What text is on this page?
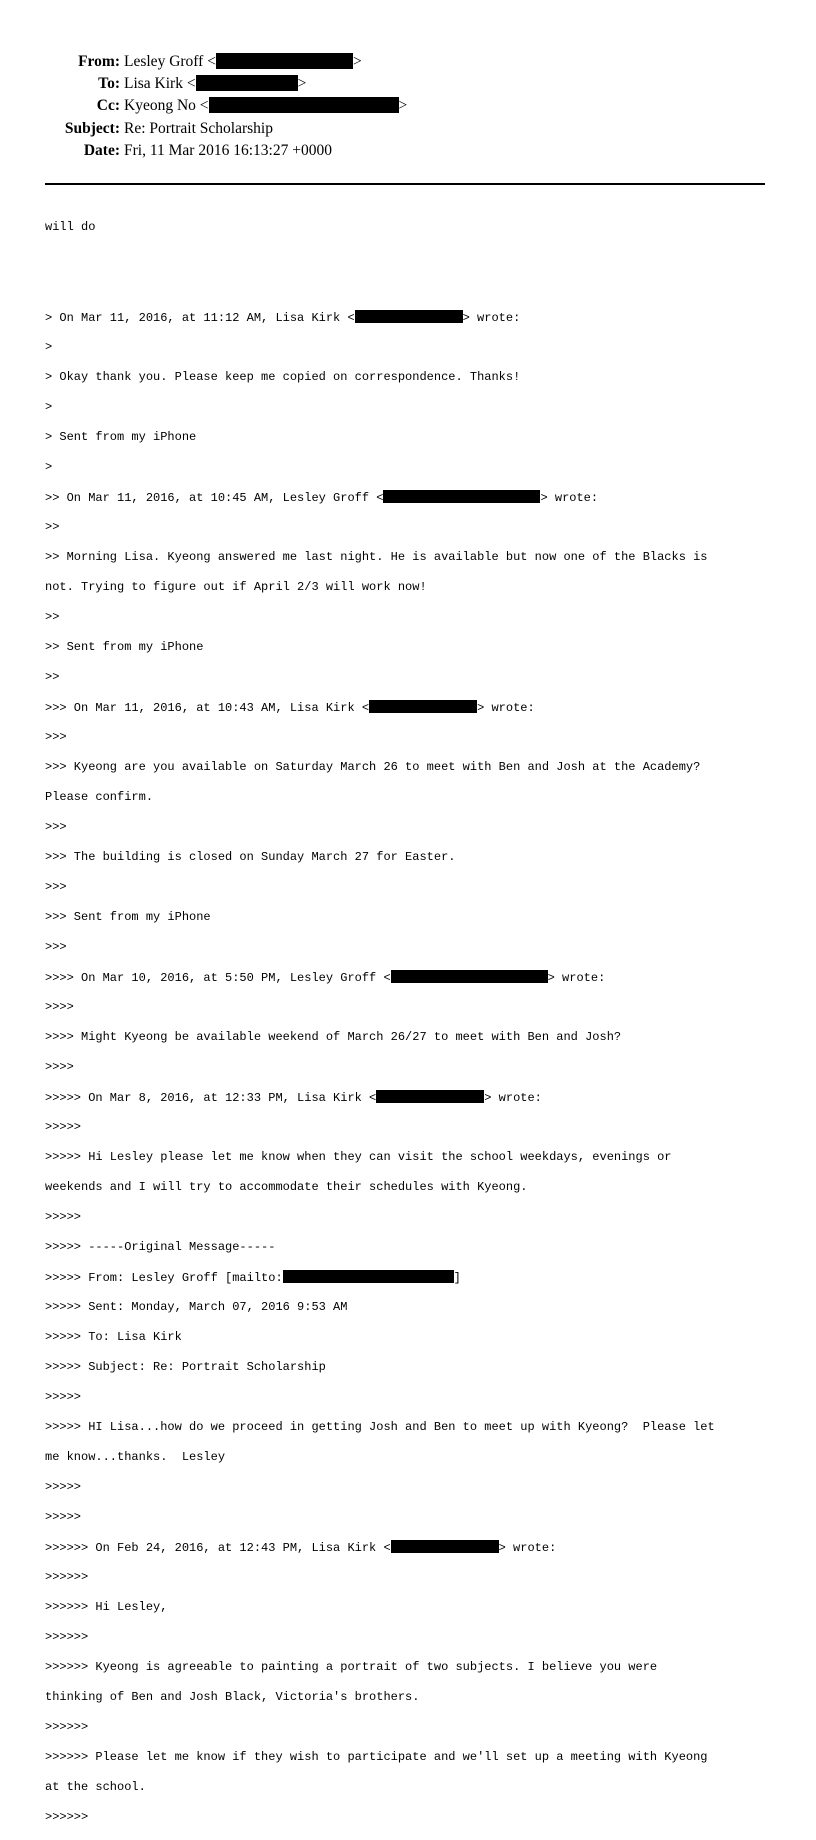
From: Lesley Groff <	>
To: Lisa Kirk <	>
Cc: Kyeong No <	>
Subject: Re: Portrait Scholarship
Date: Fri, 11 Mar 2016 16:13:27 +0000

will do

> On Mar 11, 2016, at 11:12 AM, Lisa Kirk <	> wrote:

>

> Okay thank you. Please keep me copied on correspondence. Thanks!

>

> Sent from my iPhone

>

>> On Mar 11, 2016, at 10:45 AM, Lesley Groff <	> wrote:

>>

>> Morning Lisa. Kyeong answered me last night. He is available but now one of the Blacks is

not. Trying to figure out if April 2/3 will work now!

>>

>> Sent from my iPhone

>>

>>> On Mar 11, 2016, at 10:43 AM, Lisa Kirk <	> wrote:

>>>

>>> Kyeong are you available on Saturday March 26 to meet with Ben and Josh at the Academy?

Please confirm.

>>>

>>> The building is closed on Sunday March 27 for Easter.

>>>

>>> Sent from my iPhone

>>>

>>>> On Mar 10, 2016, at 5:50 PM, Lesley Groff <	> wrote:

>>>>

>>>> Might Kyeong be available weekend of March 26/27 to meet with Ben and Josh?

>>>>

>>>>> On Mar 8, 2016, at 12:33 PM, Lisa Kirk <	> wrote:

>>>>>

>>>>> Hi Lesley please let me know when they can visit the school weekdays, evenings or

weekends and I will try to accommodate their schedules with Kyeong.

>>>>>

>>>>> -----Original Message-----

>>>>> From: Lesley Groff [mailto:	]

>>>>> Sent: Monday, March 07, 2016 9:53 AM

>>>>> To: Lisa Kirk

>>>>> Subject: Re: Portrait Scholarship

>>>>>

>>>>> HI Lisa...how do we proceed in getting Josh and Ben to meet up with Kyeong?  Please let

me know...thanks.  Lesley

>>>>>

>>>>>

>>>>>> On Feb 24, 2016, at 12:43 PM, Lisa Kirk <	> wrote:

>>>>>>

>>>>>> Hi Lesley,

>>>>>>

>>>>>> Kyeong is agreeable to painting a portrait of two subjects. I believe you were

thinking of Ben and Josh Black, Victoria's brothers.

>>>>>>

>>>>>> Please let me know if they wish to participate and we'll set up a meeting with Kyeong

at the school.

>>>>>>
